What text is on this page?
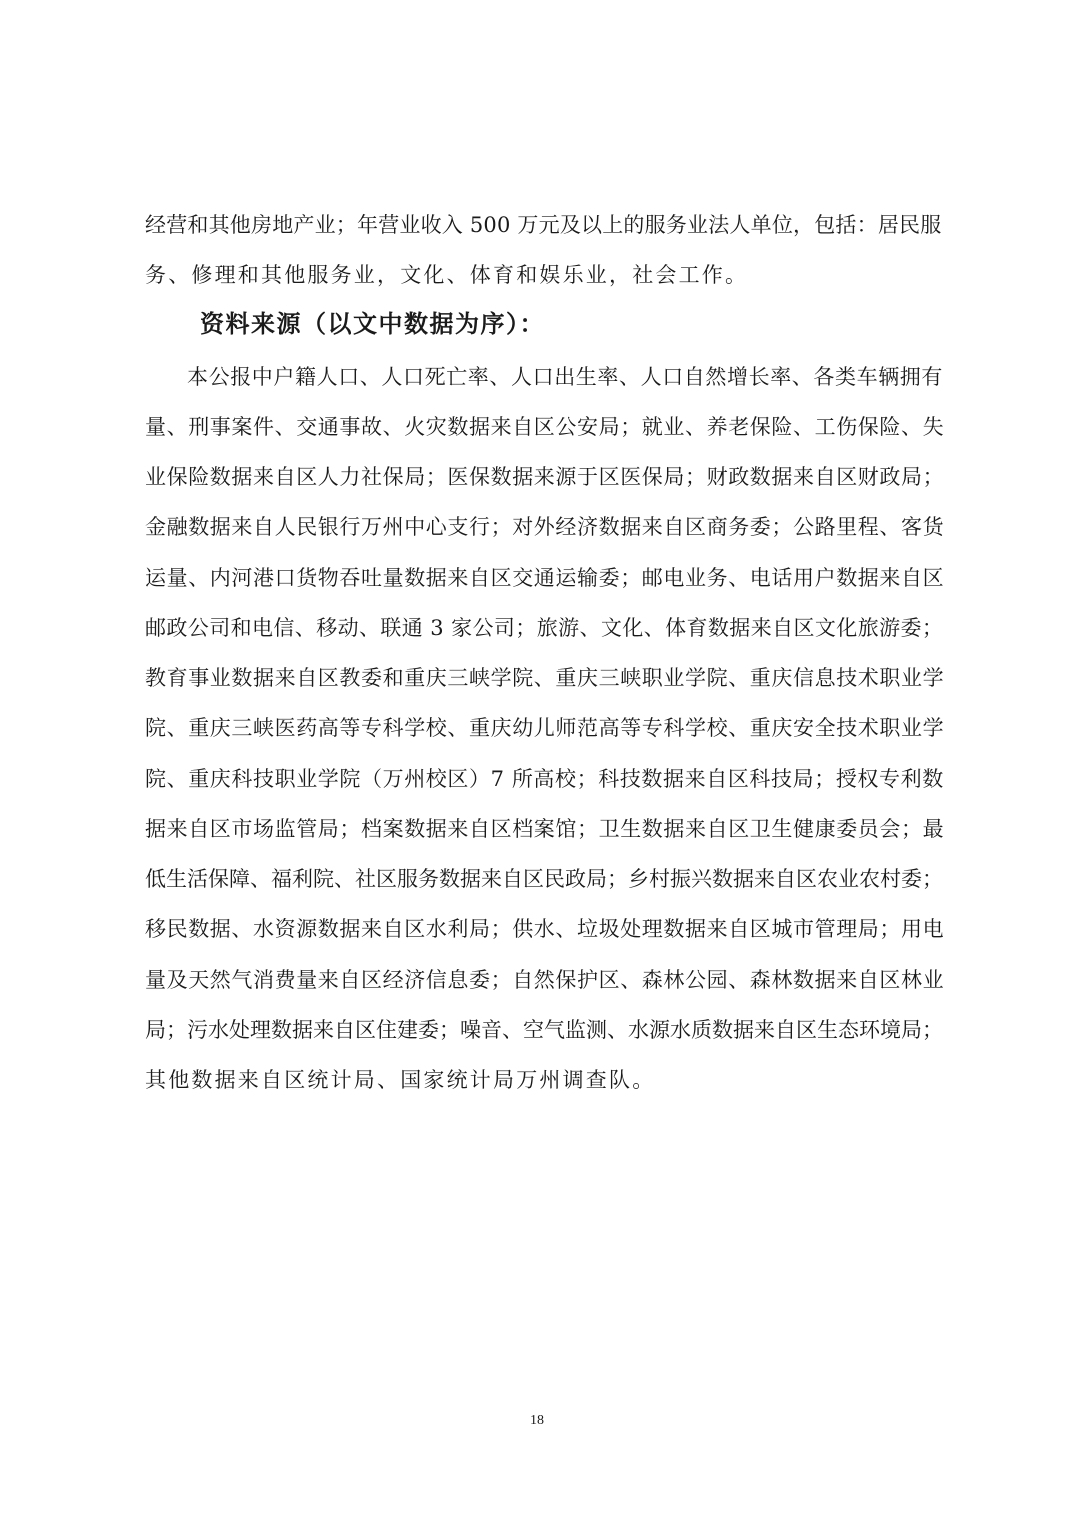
经营和其他房地产业；年营业收入 500 万元及以上的服务业法人单位，包括：居民服
务、修理和其他服务业，文化、体育和娱乐业，社会工作。
资料来源（以文中数据为序）：
本公报中户籍人口、人口死亡率、人口出生率、人口自然增长率、各类车辆拥有
量、刑事案件、交通事故、火灾数据来自区公安局；就业、养老保险、工伤保险、失
业保险数据来自区人力社保局；医保数据来源于区医保局；财政数据来自区财政局；
金融数据来自人民银行万州中心支行；对外经济数据来自区商务委；公路里程、客货
运量、内河港口货物吞吐量数据来自区交通运输委；邮电业务、电话用户数据来自区
邮政公司和电信、移动、联通 3 家公司；旅游、文化、体育数据来自区文化旅游委；
教育事业数据来自区教委和重庆三峡学院、重庆三峡职业学院、重庆信息技术职业学
院、重庆三峡医药高等专科学校、重庆幼儿师范高等专科学校、重庆安全技术职业学
院、重庆科技职业学院（万州校区）7 所高校；科技数据来自区科技局；授权专利数
据来自区市场监管局；档案数据来自区档案馆；卫生数据来自区卫生健康委员会；最
低生活保障、福利院、社区服务数据来自区民政局；乡村振兴数据来自区农业农村委；
移民数据、水资源数据来自区水利局；供水、垃圾处理数据来自区城市管理局；用电
量及天然气消费量来自区经济信息委；自然保护区、森林公园、森林数据来自区林业
局；污水处理数据来自区住建委；噪音、空气监测、水源水质数据来自区生态环境局；
其他数据来自区统计局、国家统计局万州调查队。
18
